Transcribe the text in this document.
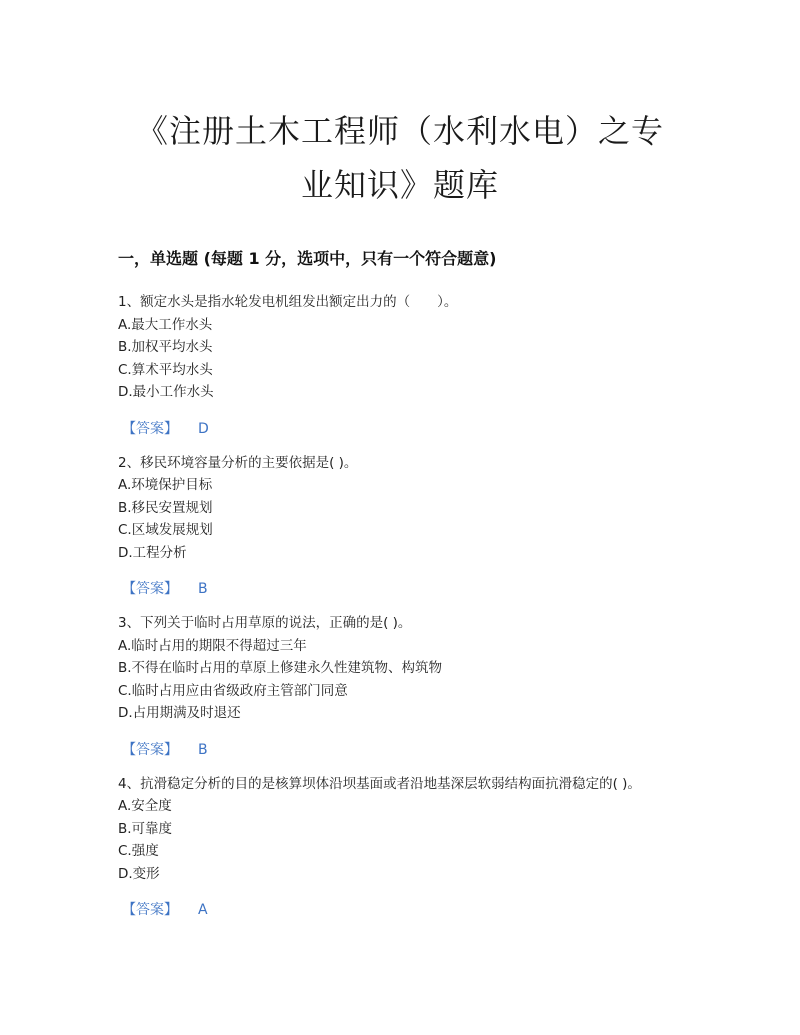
《注册土木工程师（水利水电）之专
业知识》题库
一，单选题 (每题 1 分，选项中，只有一个符合题意)
1、额定水头是指水轮发电机组发出额定出力的（　　）。
A.最大工作水头
B.加权平均水头
C.算术平均水头
D.最小工作水头
【答案】 D
2、移民环境容量分析的主要依据是( )。
A.环境保护目标
B.移民安置规划
C.区域发展规划
D.工程分析
【答案】 B
3、下列关于临时占用草原的说法，正确的是( )。
A.临时占用的期限不得超过三年
B.不得在临时占用的草原上修建永久性建筑物、构筑物
C.临时占用应由省级政府主管部门同意
D.占用期满及时退还
【答案】 B
4、抗滑稳定分析的目的是核算坝体沿坝基面或者沿地基深层软弱结构面抗滑稳定的( )。
A.安全度
B.可靠度
C.强度
D.变形
【答案】 A
